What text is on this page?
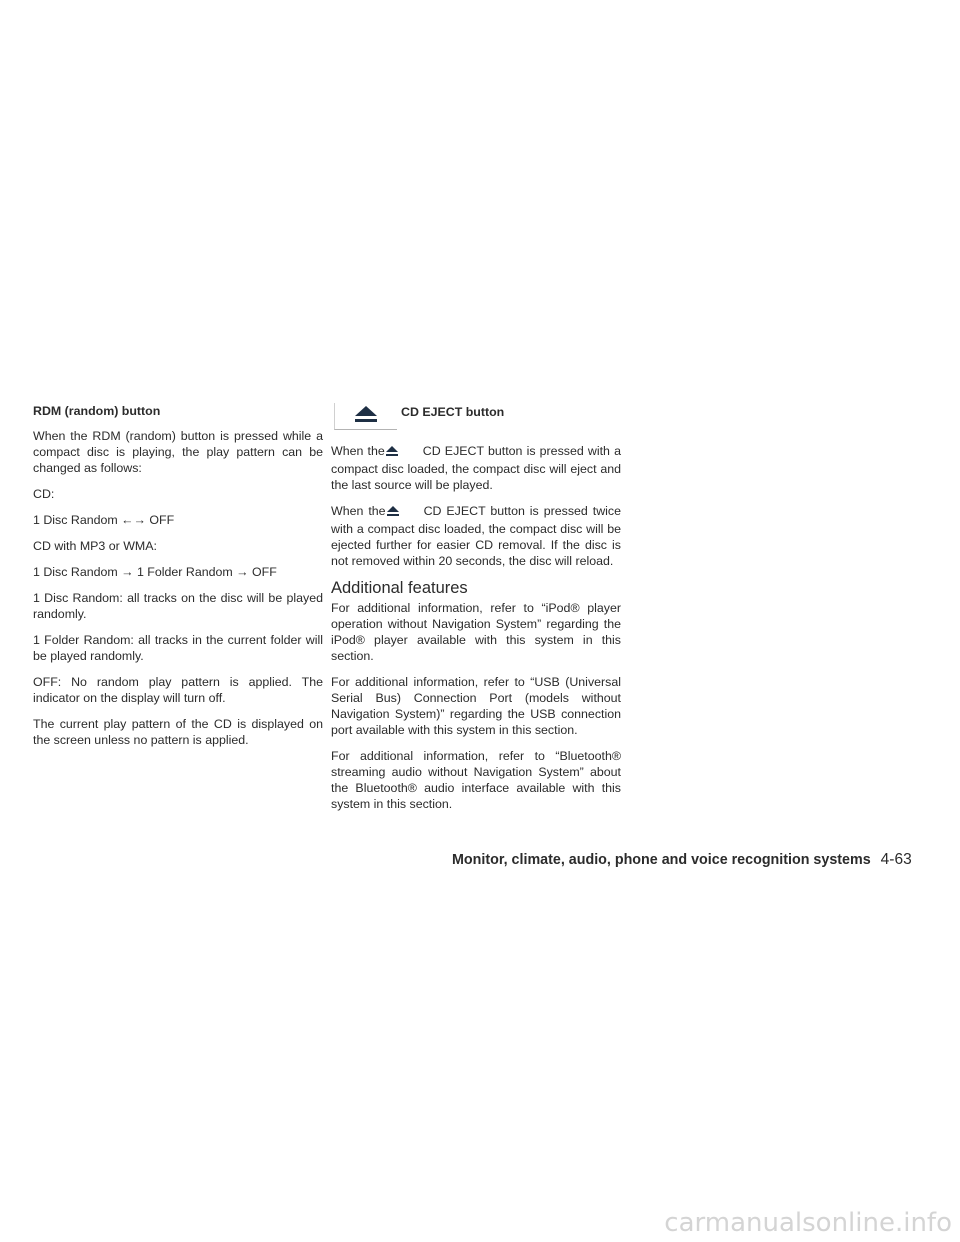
RDM (random) button

When the RDM (random) button is pressed while a compact disc is playing, the play pattern can be changed as follows:

CD:

1 Disc Random ←→ OFF

CD with MP3 or WMA:

1 Disc Random → 1 Folder Random → OFF

1 Disc Random: all tracks on the disc will be played randomly.

1 Folder Random: all tracks in the current folder will be played randomly.

OFF: No random play pattern is applied. The indicator on the display will turn off.

The current play pattern of the CD is displayed on the screen unless no pattern is applied.

CD EJECT button

When the	CD EJECT button is pressed with a compact disc loaded, the compact disc will eject and the last source will be played.

When the	CD EJECT button is pressed twice with a compact disc loaded, the compact disc will be ejected further for easier CD removal. If the disc is not removed within 20 seconds, the disc will reload.

Additional features

For additional information, refer to “iPod® player operation without Navigation System” regarding the iPod® player available with this system in this section.

For additional information, refer to “USB (Universal Serial Bus) Connection Port (models without Navigation System)” regarding the USB connection port available with this system in this section.

For additional information, refer to “Bluetooth® streaming audio without Navigation System” about the Bluetooth® audio interface available with this system in this section.

Monitor, climate, audio, phone and voice recognition systems 4-63
carmanualsonline.info
